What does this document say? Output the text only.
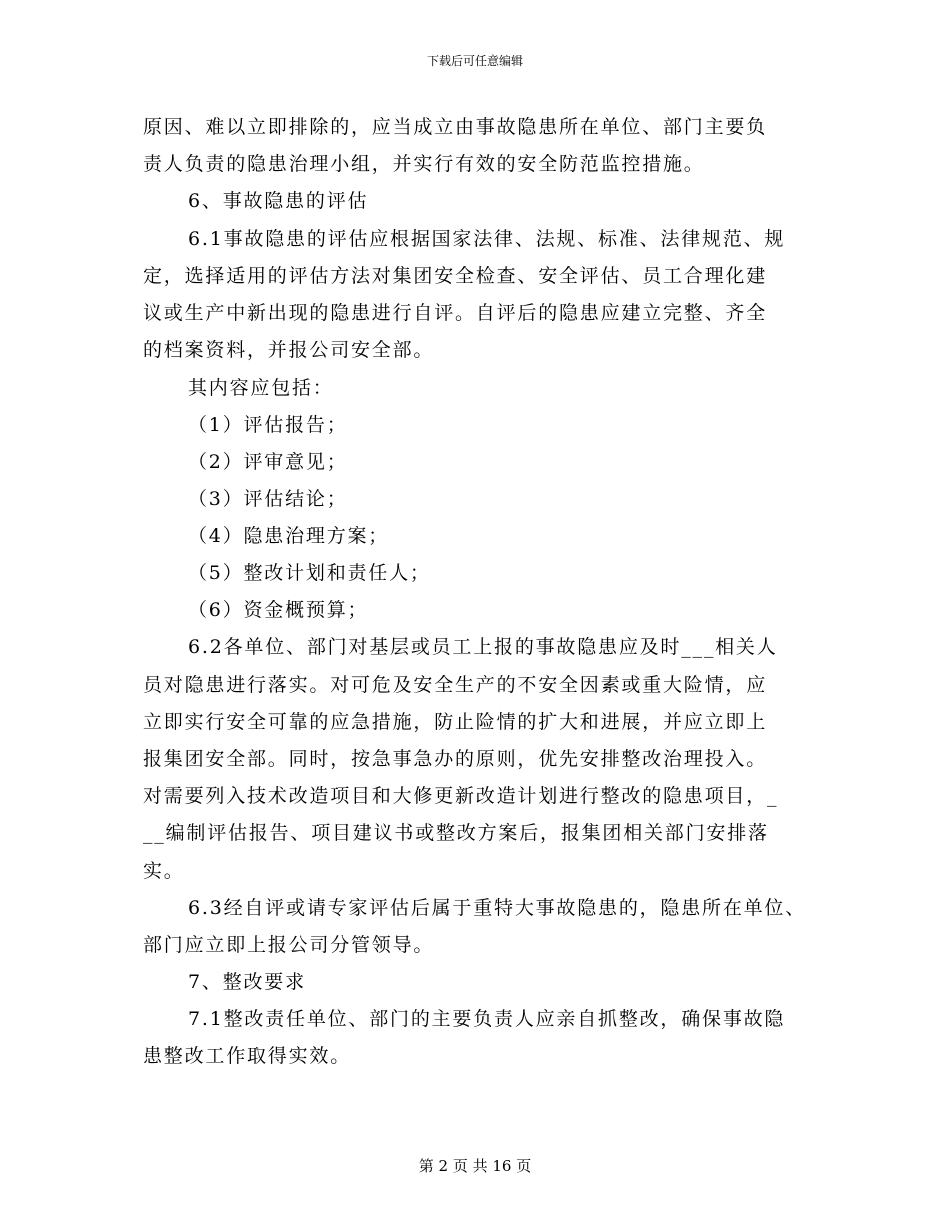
下载后可任意编辑
原因、难以立即排除的，应当成立由事故隐患所在单位、部门主要负
责人负责的隐患治理小组，并实行有效的安全防范监控措施。
6、事故隐患的评估
6.1事故隐患的评估应根据国家法律、法规、标准、法律规范、规
定，选择适用的评估方法对集团安全检查、安全评估、员工合理化建
议或生产中新出现的隐患进行自评。自评后的隐患应建立完整、齐全
的档案资料，并报公司安全部。
其内容应包括：
（1）评估报告；
（2）评审意见；
（3）评估结论；
（4）隐患治理方案；
（5）整改计划和责任人；
（6）资金概预算；
6.2各单位、部门对基层或员工上报的事故隐患应及时___相关人
员对隐患进行落实。对可危及安全生产的不安全因素或重大险情，应
立即实行安全可靠的应急措施，防止险情的扩大和进展，并应立即上
报集团安全部。同时，按急事急办的原则，优先安排整改治理投入。
对需要列入技术改造项目和大修更新改造计划进行整改的隐患项目，_
__编制评估报告、项目建议书或整改方案后，报集团相关部门安排落
实。
6.3经自评或请专家评估后属于重特大事故隐患的，隐患所在单位、
部门应立即上报公司分管领导。
7、整改要求
7.1整改责任单位、部门的主要负责人应亲自抓整改，确保事故隐
患整改工作取得实效。
第 2 页 共 16 页
